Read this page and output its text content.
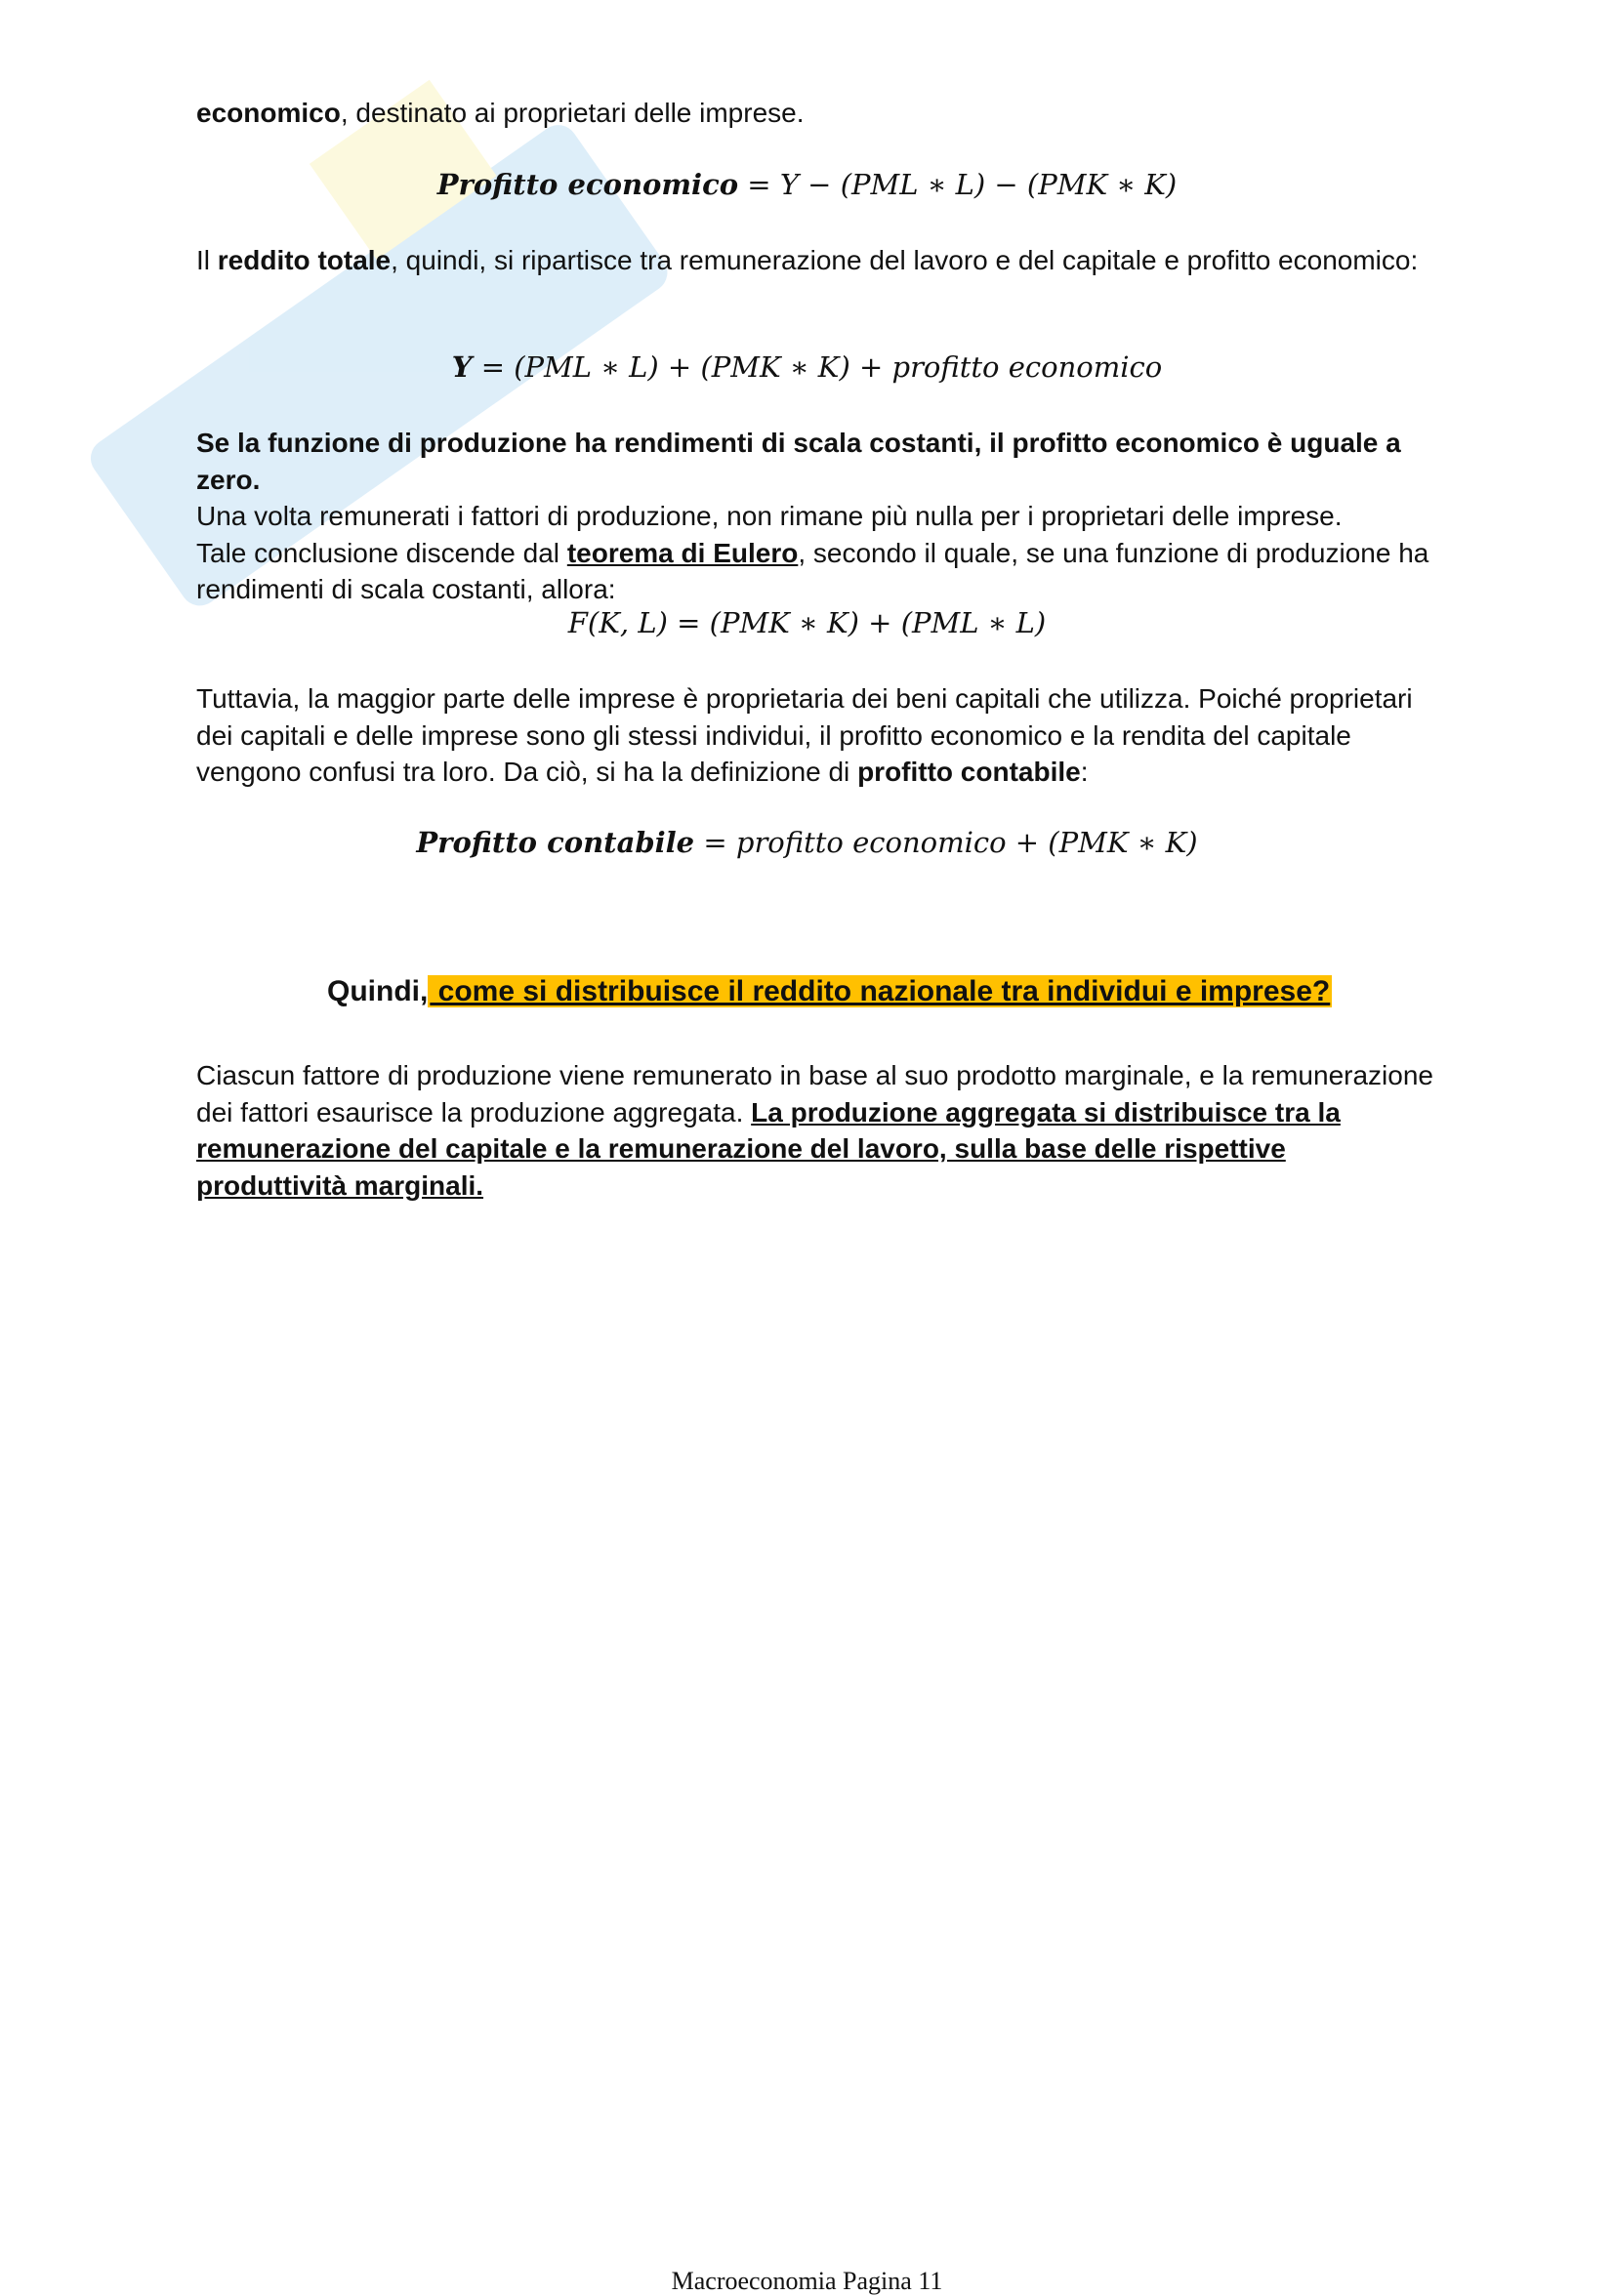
economico, destinato ai proprietari delle imprese.
Profitto economico = Y − (PML ∗ L) − (PMK ∗ K)
Il reddito totale, quindi, si ripartisce tra remunerazione del lavoro e del capitale e profitto economico:
Y = (PML ∗ L) + (PMK ∗ K) + profitto economico
Se la funzione di produzione ha rendimenti di scala costanti, il profitto economico è uguale a zero.
Una volta remunerati i fattori di produzione, non rimane più nulla per i proprietari delle imprese.
Tale conclusione discende dal teorema di Eulero, secondo il quale, se una funzione di produzione ha rendimenti di scala costanti, allora:
F(K, L) = (PMK ∗ K) + (PML ∗ L)
Tuttavia, la maggior parte delle imprese è proprietaria dei beni capitali che utilizza. Poiché proprietari dei capitali e delle imprese sono gli stessi individui, il profitto economico e la rendita del capitale vengono confusi tra loro. Da ciò, si ha la definizione di profitto contabile:
Profitto contabile = profitto economico + (PMK ∗ K)
Quindi, come si distribuisce il reddito nazionale tra individui e imprese?
Ciascun fattore di produzione viene remunerato in base al suo prodotto marginale, e la remunerazione dei fattori esaurisce la produzione aggregata. La produzione aggregata si distribuisce tra la remunerazione del capitale e la remunerazione del lavoro, sulla base delle rispettive produttività marginali.
Macroeconomia Pagina 11
